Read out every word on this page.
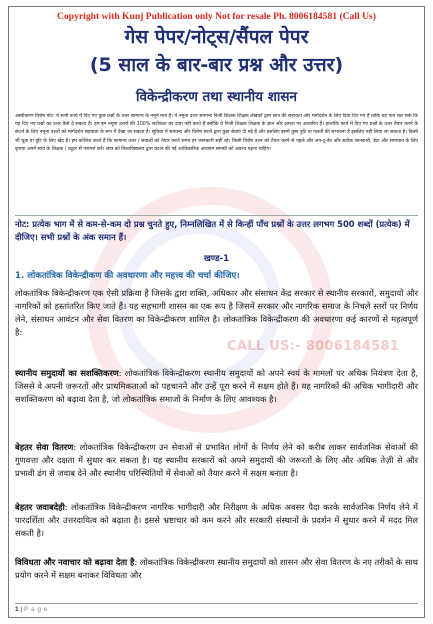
CALL US:- 8006184581
Copyright with Kunj Publication only Not for resale Ph. 8006184581 (Call Us)
गेस पेपर/नोट्स/सैंपल पेपर
(5 साल के बार-बार प्रश्न और उत्तर)
विकेन्द्रीकरण तथा स्थानीय शासन
अस्वीकरण विशेष नोट: ये सभी कार्य में दिए गए कुछ प्रश्नों के उत्तर सामान्य के नमूने मात्र हैं। ये नमूना उत्तर सामान्य निजी शिक्षक शिक्षक लेखकों द्वारा छात्र की सहायता और मार्गदर्शन के लिए दिया दिए गए हैं ताकि यह पता चल सके कि यह दिए गए प्रश्नों का उत्तर कैसे दे सकता है। हम इन नमूना उत्तरों की 100% सटीकता का दावा नहीं करते हैं क्योंकि ये निजी शिक्षक शिक्षक के ज्ञान और क्षमता पर आधारित हैं। हालांकि कार्य में दिए गए प्रश्नों के उत्तर तैयार करने के संदर्भ के लिए नमूना उत्तरों को मार्गदर्शन सहायता के रूप में देखा जा सकता है। सुविधा में सामान्य और विशेष छात्रों द्वारा कुछ सेवाएं दी गई हैं और इसलिए इसमें कुछ त्रुटि या गलती की संभावना है इसलिए नहीं लिया जा सकता है। किसी भी चूक या त्रुटि के लिए खेद है। हम कोशिश करते हैं कि सामान्य उत्तर / सवालों को तैयार करते समय हर जानकारी सही रहे। किसी विशेष उत्तर को तैयार करने से पहले और अप-टू-डेट और सटीक जानकारी, डेटा और समाधान के लिए कृपया अपने स्वयं के शिक्षक / ट्यूटर से परामर्श करें। छात्र को विश्वविद्यालय द्वारा प्रदान की गई आधिकारिक अध्ययन सामग्री को अवश्य पढ़ना चाहिए।
नोट: प्रत्येक भाग में से कम-से-कम दो प्रश्न चुनते हुए, निम्नलिखित में से किन्हीं पाँच प्रश्नों के उत्तर लगभग 500 शब्दों (प्रत्येक) में दीजिए। सभी प्रश्नों के अंक समान हैं।
खण्ड-1
1. लोकतांत्रिक विकेन्द्रीकण की अवधारणा और महत्त्व की चर्चा कीजिए।
लोकतांत्रिक विकेन्द्रीकरण एक ऐसी प्रक्रिया है जिसके द्वारा शक्ति, अधिकार और संसाधन केंद्र सरकार से स्थानीय सरकारों, समुदायों और नागरिकों को हस्तांतरित किए जाते हैं। यह सहभागी शासन का एक रूप है जिसमें सरकार और नागरिक समाज के निचले स्तरों पर निर्णय लेने, संसाधन आवंटन और सेवा वितरण का विकेन्द्रीकरण शामिल है। लोकतांत्रिक विकेन्द्रीकरण की अवधारणा कई कारणों से महत्वपूर्ण है:
स्थानीय समुदायों का सशक्तिकरण: लोकतांत्रिक विकेन्द्रीकरण स्थानीय समुदायों को अपने स्वयं के मामलों पर अधिक नियंत्रण देता है, जिससे वे अपनी जरूरतों और प्राथमिकताओं को पहचानने और उन्हें पूरा करने में सक्षम होते हैं। यह नागरिकों की अधिक भागीदारी और सशक्तिकरण को बढ़ावा देता है, जो लोकतांत्रिक समाजों के निर्माण के लिए आवश्यक है।
बेहतर सेवा वितरण: लोकतांत्रिक विकेन्द्रीकरण उन सेवाओं से प्रभावित लोगों के निर्णय लेने को करीब लाकर सार्वजनिक सेवाओं की गुणवत्ता और दक्षता में सुधार कर सकता है। यह स्थानीय सरकारों को अपने समुदायों की जरूरतों के लिए और अधिक तेज़ी से और प्रभावी ढंग से जवाब देने और स्थानीय परिस्थितियों में सेवाओं को तैयार करने में सक्षम बनाता है।
बेहतर जवाबदेही: लोकतांत्रिक विकेन्द्रीकरण नागरिक भागीदारी और निरीक्षण के अधिक अवसर पैदा करके सार्वजनिक निर्णय लेने में पारदर्शिता और उत्तरदायित्व को बढ़ाता है। इससे भ्रष्टाचार को कम करने और सरकारी संस्थानों के प्रदर्शन में सुधार करने में मदद मिल सकती है।
विविधता और नवाचार को बढ़ावा देता है: लोकतांत्रिक विकेन्द्रीकरण स्थानीय समुदायों को शासन और सेवा वितरण के नए तरीकों के साथ प्रयोग करने में सक्षम बनाकर विविधता और
1 | P a g e
